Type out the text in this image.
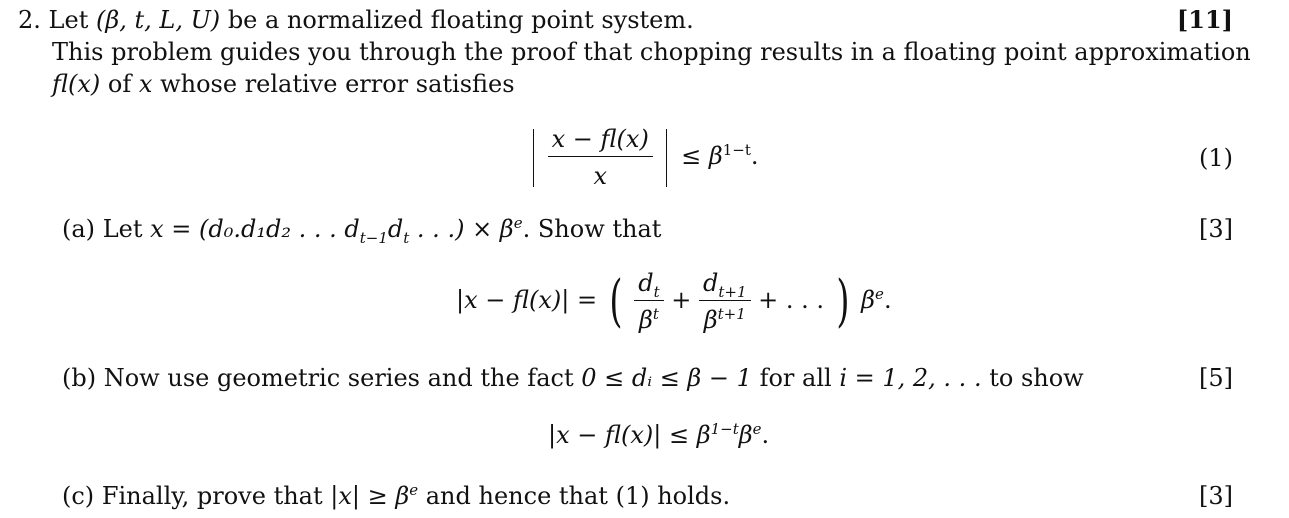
2. Let (β, t, L, U) be a normalized floating point system.	[11]
This problem guides you through the proof that chopping results in a floating point approximation
fl(x) of x whose relative error satisfies

$\frac{x - fl(x)}{x} \le \beta^{1-t}$.	(1)
(a) Let x = (d₀.d₁d₂ . . . $d_{t-1}d_t$ . . .) × $\beta^e$. Show that	[3]
|x − fl(x)| = ( $\frac{d_t}{\beta^t} + \frac{d_{t+1}}{\beta^{t+1}}$ + . . . ) $\beta^e$.
(b) Now use geometric series and the fact 0 ≤ dᵢ ≤ β − 1 for all i = 1, 2, . . . to show	[5]
$|x - fl(x)| \le \beta^{1-t}\beta^e$.
(c) Finally, prove that $|x| \ge \beta^e$ and hence that (1) holds.	[3]
